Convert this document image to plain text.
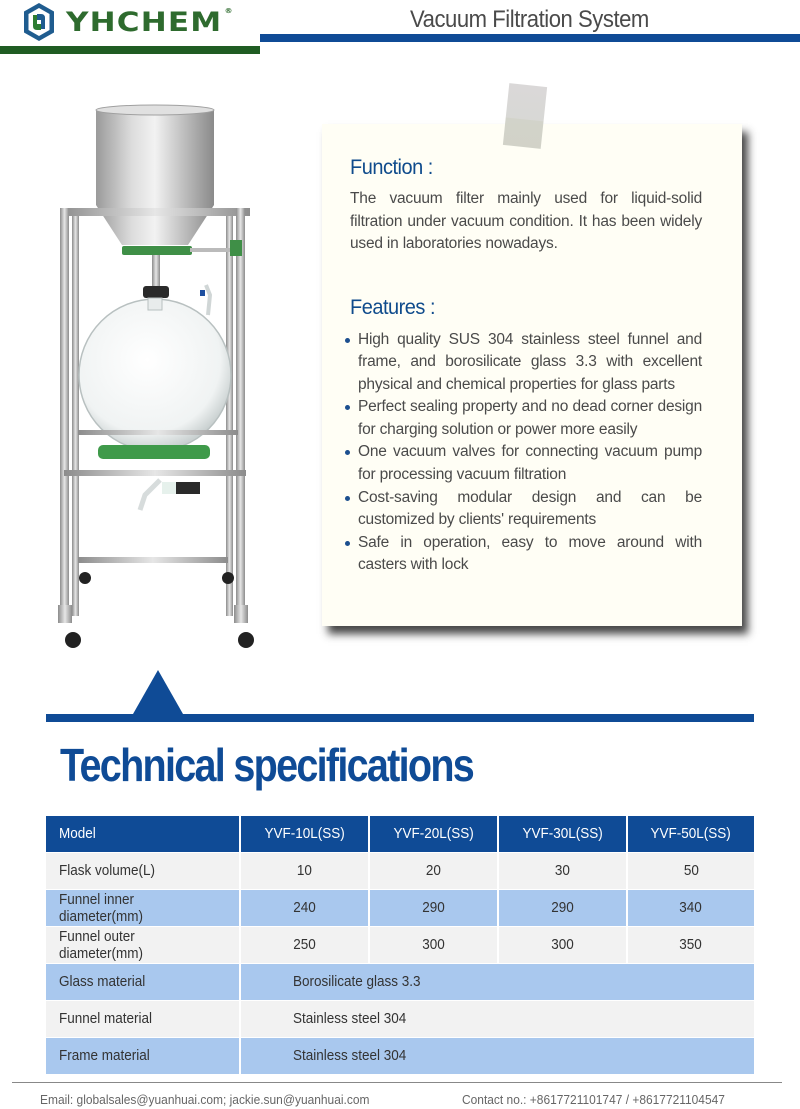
YHCHEM ®	Vacuum Filtration System
Function :

The vacuum filter mainly used for liquid-solid filtration under vacuum condition. It has been widely used in laboratories nowadays.

Features :
High quality SUS 304 stainless steel funnel and frame, and borosilicate glass 3.3 with excellent physical and chemical properties for glass parts
Perfect sealing property and no dead corner design for charging solution or power more easily
One vacuum valves for connecting vacuum pump for processing vacuum filtration
Cost-saving modular design and can be customized by clients' requirements
Safe in operation, easy to move around with casters with lock
Technical specifications
Model	YVF-10L(SS)	YVF-20L(SS)	YVF-30L(SS)	YVF-50L(SS)
Flask volume(L)	10	20	30	50
Funnel inner diameter(mm)	240	290	290	340
Funnel outer diameter(mm)	250	300	300	350
Glass material	Borosilicate glass 3.3
Funnel material	Stainless steel 304
Frame material	Stainless steel 304
Email: globalsales@yuanhuai.com; jackie.sun@yuanhuai.com	Contact no.: +8617721101747 / +8617721104547
